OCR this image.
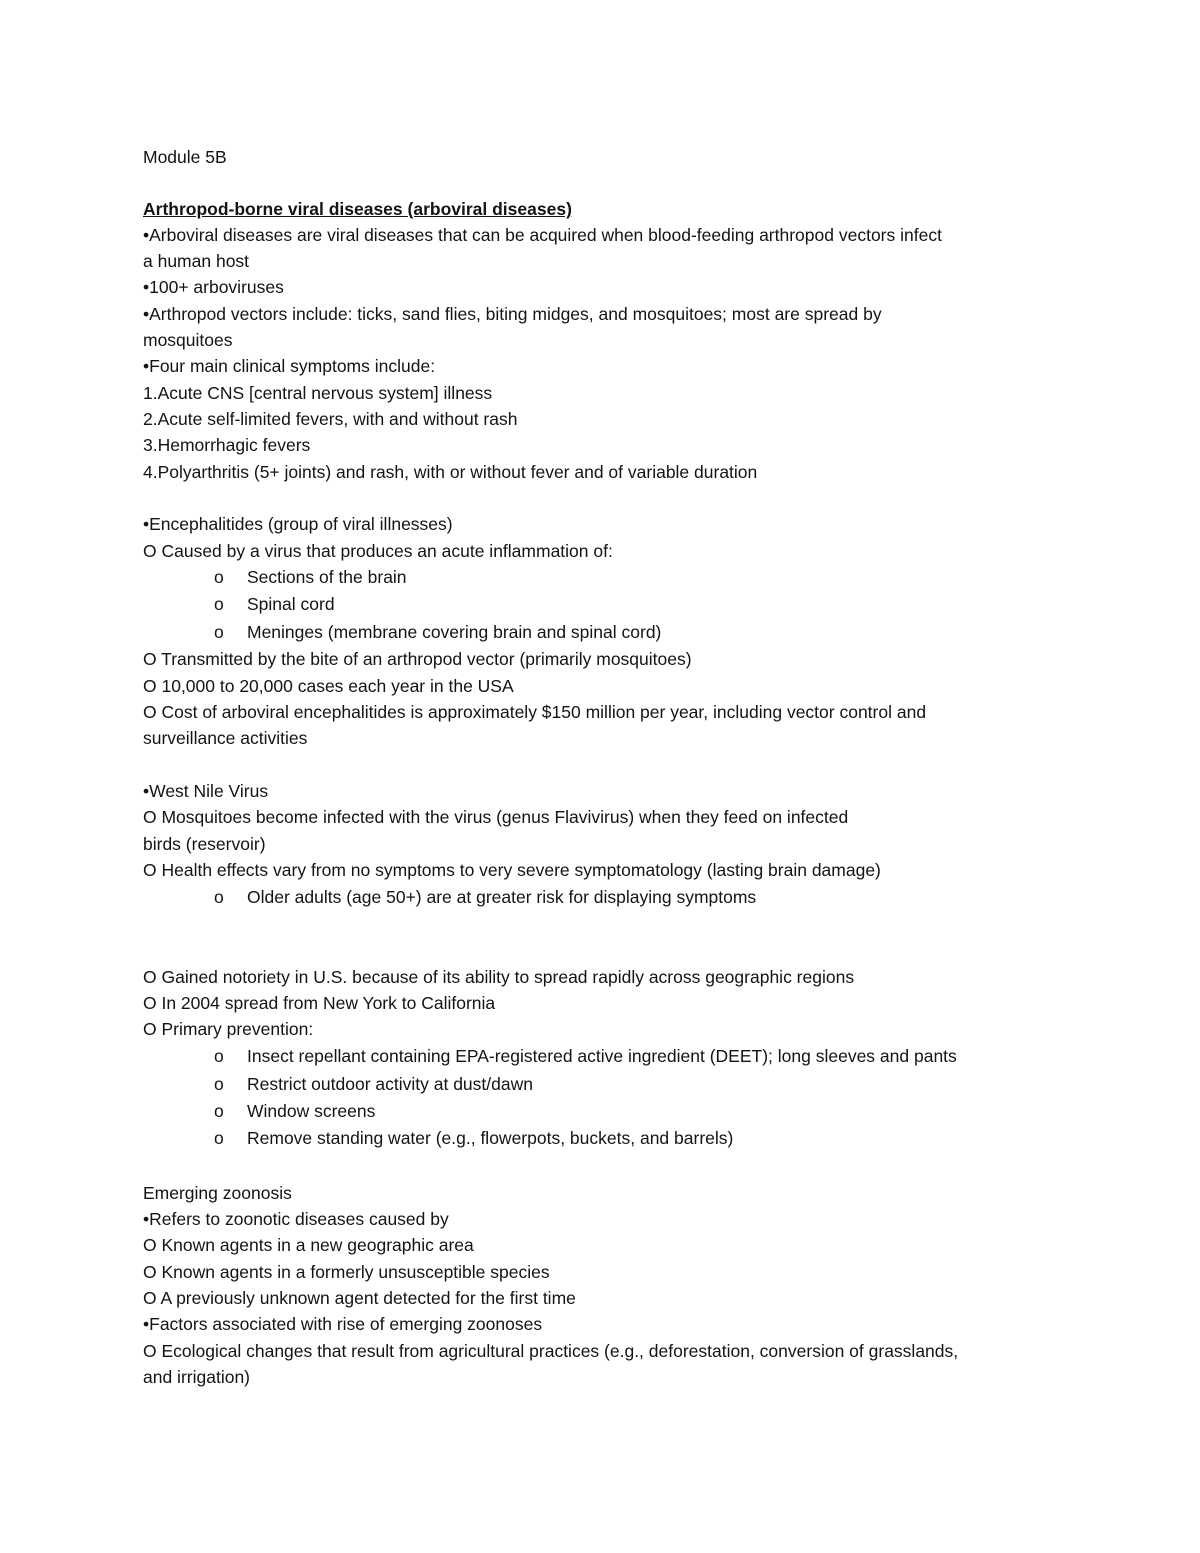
Module 5B
Arthropod-borne viral diseases (arboviral diseases)
•Arboviral diseases are viral diseases that can be acquired when blood-feeding arthropod vectors infect
a human host
•100+ arboviruses
•Arthropod vectors include: ticks, sand flies, biting midges, and mosquitoes; most are spread by
mosquitoes
•Four main clinical symptoms include:
1.Acute CNS [central nervous system] illness
2.Acute self-limited fevers, with and without rash
3.Hemorrhagic fevers
4.Polyarthritis (5+ joints) and rash, with or without fever and of variable duration
•Encephalitides (group of viral illnesses)
O Caused by a virus that produces an acute inflammation of:
o Sections of the brain
o Spinal cord
o Meninges (membrane covering brain and spinal cord)
O Transmitted by the bite of an arthropod vector (primarily mosquitoes)
O 10,000 to 20,000 cases each year in the USA
O Cost of arboviral encephalitides is approximately $150 million per year, including vector control and
surveillance activities
•West Nile Virus
O Mosquitoes become infected with the virus (genus Flavivirus) when they feed on infected
birds (reservoir)
O Health effects vary from no symptoms to very severe symptomatology (lasting brain damage)
o Older adults (age 50+) are at greater risk for displaying symptoms
O Gained notoriety in U.S. because of its ability to spread rapidly across geographic regions
O In 2004 spread from New York to California
O Primary prevention:
o Insect repellant containing EPA-registered active ingredient (DEET); long sleeves and pants
o Restrict outdoor activity at dust/dawn
o Window screens
o Remove standing water (e.g., flowerpots, buckets, and barrels)
Emerging zoonosis
•Refers to zoonotic diseases caused by
O Known agents in a new geographic area
O Known agents in a formerly unsusceptible species
O A previously unknown agent detected for the first time
•Factors associated with rise of emerging zoonoses
O Ecological changes that result from agricultural practices (e.g., deforestation, conversion of grasslands,
and irrigation)
